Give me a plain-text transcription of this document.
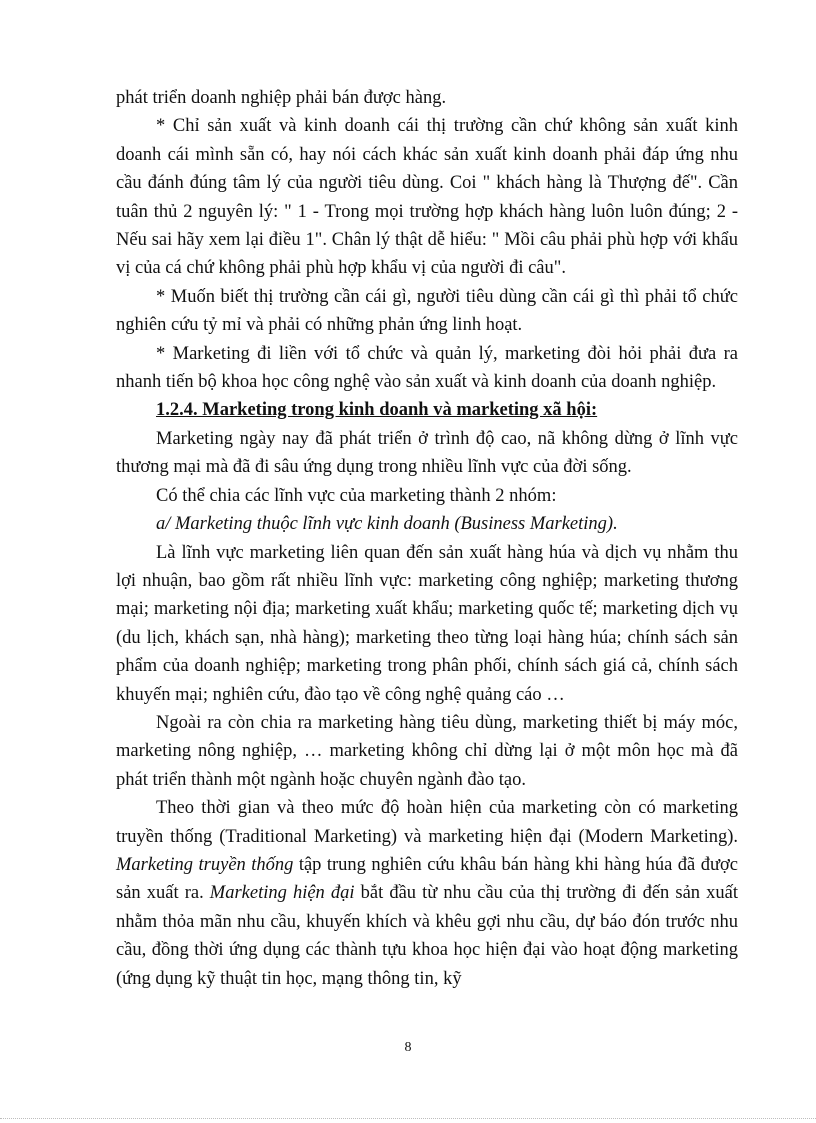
phát triển doanh nghiệp phải bán được hàng.

* Chỉ sản xuất và kinh doanh cái thị trường cần chứ không sản xuất kinh doanh cái mình sẵn có, hay nói cách khác sản xuất kinh doanh phải đáp ứng nhu cầu đánh đúng tâm lý của người tiêu dùng. Coi " khách hàng là Thượng đế". Cần tuân thủ 2 nguyên lý: " 1 - Trong mọi trường hợp khách hàng luôn luôn đúng; 2 - Nếu sai hãy xem lại điều 1". Chân lý thật dễ hiểu: " Mồi câu phải phù hợp với khẩu vị của cá chứ không phải phù hợp khẩu vị của người đi câu".

* Muốn biết thị trường cần cái gì, người tiêu dùng cần cái gì thì phải tổ chức nghiên cứu tỷ mỉ và phải có những phản ứng linh hoạt.

* Marketing đi liền với tổ chức và quản lý, marketing đòi hỏi phải đưa ra nhanh tiến bộ khoa học công nghệ vào sản xuất và kinh doanh của doanh nghiệp.

1.2.4. Marketing trong kinh doanh và marketing xã hội:

Marketing ngày nay đã phát triển ở trình độ cao, nã không dừng ở lĩnh vực thương mại mà đã đi sâu ứng dụng trong nhiều lĩnh vực của đời sống.

Có thể chia các lĩnh vực của marketing thành 2 nhóm:

a/ Marketing thuộc lĩnh vực kinh doanh (Business Marketing).

Là lĩnh vực marketing liên quan đến sản xuất hàng húa và dịch vụ nhằm thu lợi nhuận, bao gồm rất nhiều lĩnh vực: marketing công nghiệp; marketing thương mại; marketing nội địa; marketing xuất khẩu; marketing quốc tế; marketing dịch vụ (du lịch, khách sạn, nhà hàng); marketing theo từng loại hàng húa; chính sách sản phẩm của doanh nghiệp; marketing trong phân phối, chính sách giá cả, chính sách khuyến mại; nghiên cứu, đào tạo về công nghệ quảng cáo …

Ngoài ra còn chia ra marketing hàng tiêu dùng, marketing thiết bị máy móc, marketing nông nghiệp, … marketing không chỉ dừng lại ở một môn học mà đã phát triển thành một ngành hoặc chuyên ngành đào tạo.

Theo thời gian và theo mức độ hoàn hiện của marketing còn có marketing truyền thống (Traditional Marketing) và marketing hiện đại (Modern Marketing). Marketing truyền thống tập trung nghiên cứu khâu bán hàng khi hàng húa đã được sản xuất ra. Marketing hiện đại bắt đầu từ nhu cầu của thị trường đi đến sản xuất nhằm thỏa mãn nhu cầu, khuyến khích và khêu gợi nhu cầu, dự báo đón trước nhu cầu, đồng thời ứng dụng các thành tựu khoa học hiện đại vào hoạt động marketing (ứng dụng kỹ thuật tin học, mạng thông tin, kỹ

8
